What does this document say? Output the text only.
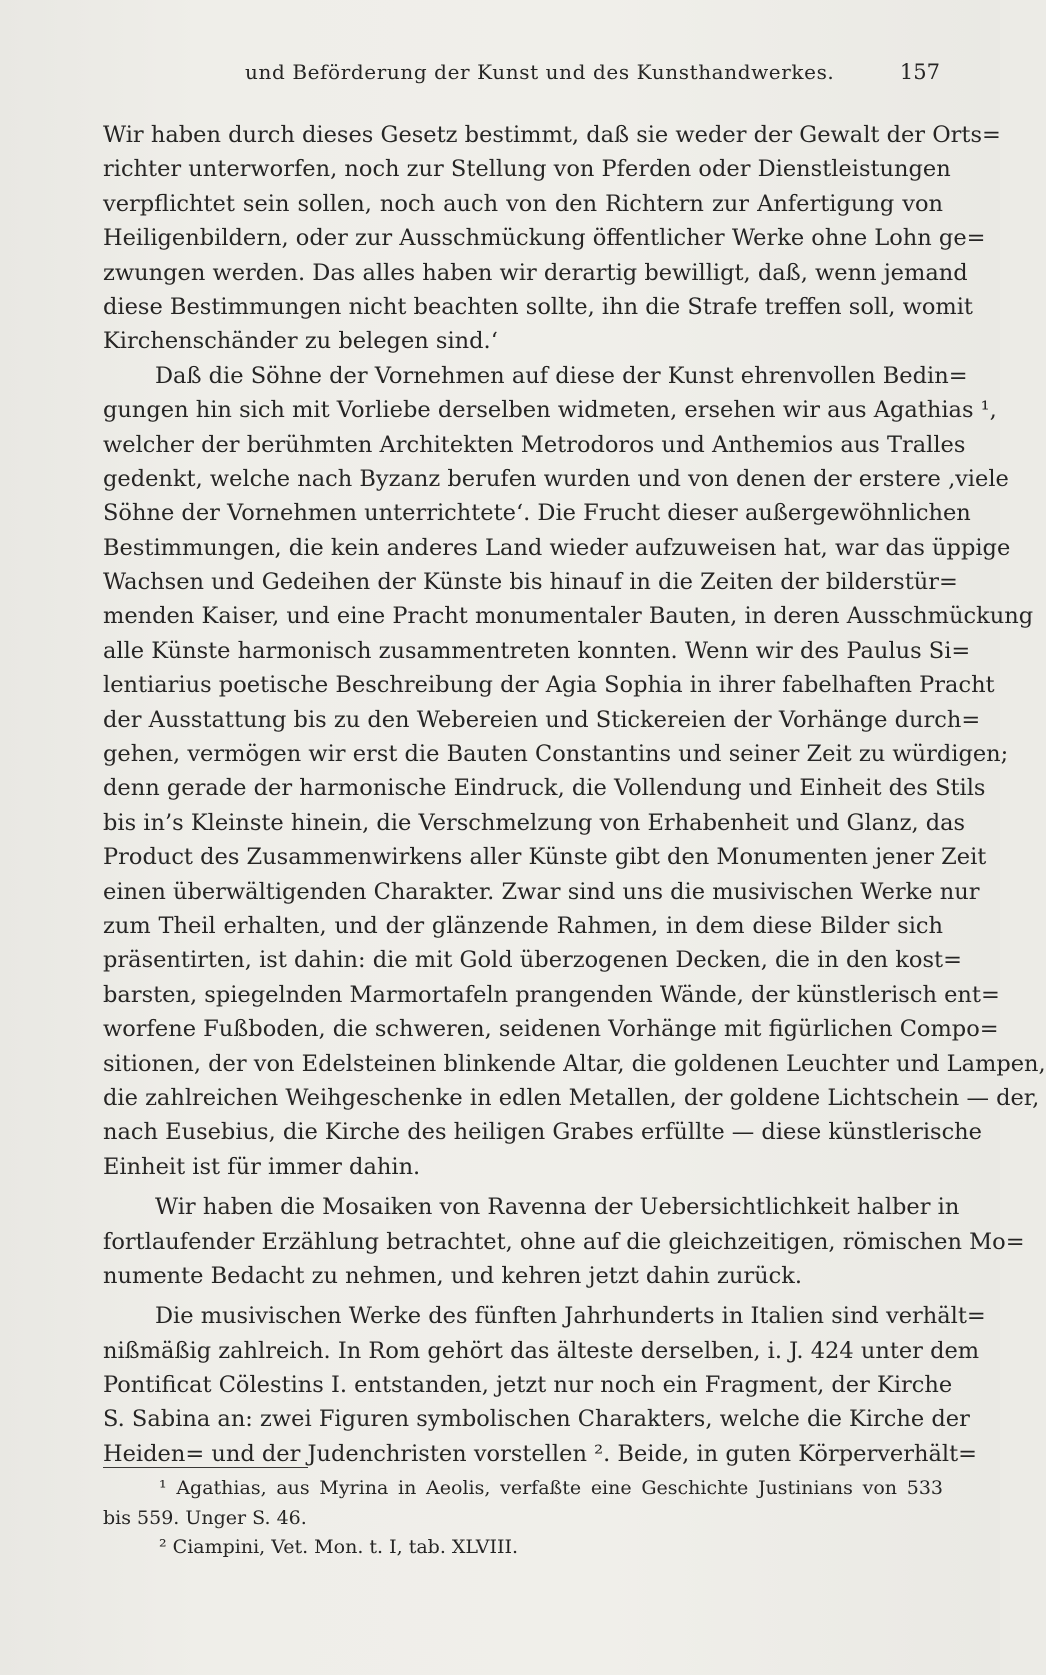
und Beförderung der Kunst und des Kunsthandwerkes.	157
Wir haben durch dieses Gesetz bestimmt, daß sie weder der Gewalt der Orts=
richter unterworfen, noch zur Stellung von Pferden oder Dienstleistungen
verpflichtet sein sollen, noch auch von den Richtern zur Anfertigung von
Heiligenbildern, oder zur Ausschmückung öffentlicher Werke ohne Lohn ge=
zwungen werden. Das alles haben wir derartig bewilligt, daß, wenn jemand
diese Bestimmungen nicht beachten sollte, ihn die Strafe treffen soll, womit
Kirchenschänder zu belegen sind.‘
Daß die Söhne der Vornehmen auf diese der Kunst ehrenvollen Bedin=
gungen hin sich mit Vorliebe derselben widmeten, ersehen wir aus Agathias ¹,
welcher der berühmten Architekten Metrodoros und Anthemios aus Tralles
gedenkt, welche nach Byzanz berufen wurden und von denen der erstere ‚viele
Söhne der Vornehmen unterrichtete‘. Die Frucht dieser außergewöhnlichen
Bestimmungen, die kein anderes Land wieder aufzuweisen hat, war das üppige
Wachsen und Gedeihen der Künste bis hinauf in die Zeiten der bilderstür=
menden Kaiser, und eine Pracht monumentaler Bauten, in deren Ausschmückung
alle Künste harmonisch zusammentreten konnten. Wenn wir des Paulus Si=
lentiarius poetische Beschreibung der Agia Sophia in ihrer fabelhaften Pracht
der Ausstattung bis zu den Webereien und Stickereien der Vorhänge durch=
gehen, vermögen wir erst die Bauten Constantins und seiner Zeit zu würdigen;
denn gerade der harmonische Eindruck, die Vollendung und Einheit des Stils
bis in’s Kleinste hinein, die Verschmelzung von Erhabenheit und Glanz, das
Product des Zusammenwirkens aller Künste gibt den Monumenten jener Zeit
einen überwältigenden Charakter. Zwar sind uns die musivischen Werke nur
zum Theil erhalten, und der glänzende Rahmen, in dem diese Bilder sich
präsentirten, ist dahin: die mit Gold überzogenen Decken, die in den kost=
barsten, spiegelnden Marmortafeln prangenden Wände, der künstlerisch ent=
worfene Fußboden, die schweren, seidenen Vorhänge mit figürlichen Compo=
sitionen, der von Edelsteinen blinkende Altar, die goldenen Leuchter und Lampen,
die zahlreichen Weihgeschenke in edlen Metallen, der goldene Lichtschein — der,
nach Eusebius, die Kirche des heiligen Grabes erfüllte — diese künstlerische
Einheit ist für immer dahin.
Wir haben die Mosaiken von Ravenna der Uebersichtlichkeit halber in
fortlaufender Erzählung betrachtet, ohne auf die gleichzeitigen, römischen Mo=
numente Bedacht zu nehmen, und kehren jetzt dahin zurück.
Die musivischen Werke des fünften Jahrhunderts in Italien sind verhält=
nißmäßig zahlreich. In Rom gehört das älteste derselben, i. J. 424 unter dem
Pontificat Cölestins I. entstanden, jetzt nur noch ein Fragment, der Kirche
S. Sabina an: zwei Figuren symbolischen Charakters, welche die Kirche der
Heiden= und der Judenchristen vorstellen ². Beide, in guten Körperverhält=
¹ Agathias, aus Myrina in Aeolis, verfaßte eine Geschichte Justinians von 533
bis 559. Unger S. 46.
² Ciampini, Vet. Mon. t. I, tab. XLVIII.
